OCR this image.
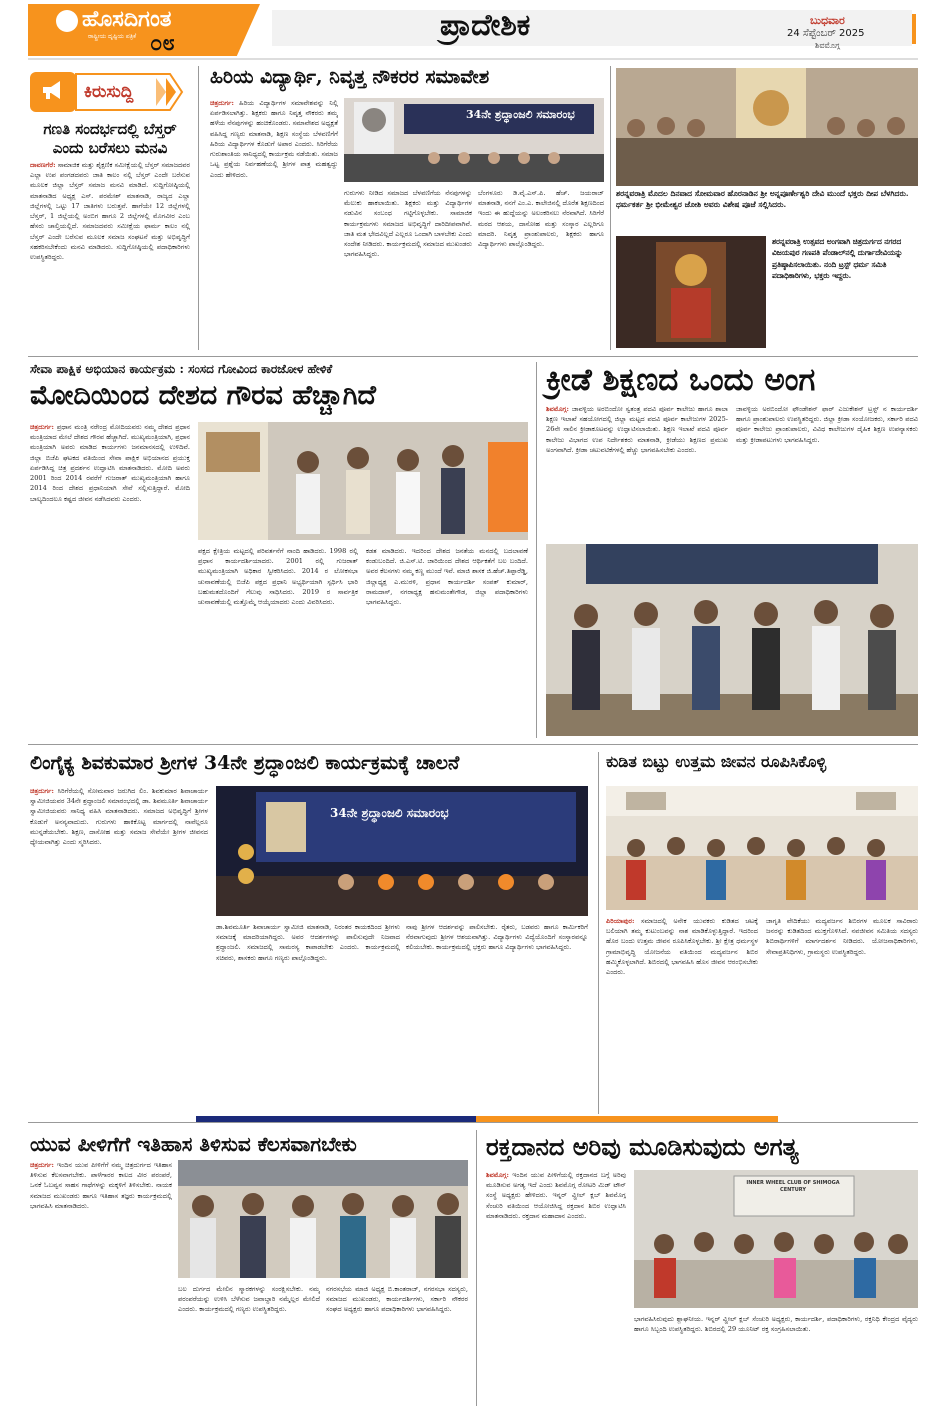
ಹೊಸದಿಗಂತ
ರಾಷ್ಟ್ರೀಯ ದೃಷ್ಟಿಯ ಪತ್ರಿಕೆ ೦೮	ಪ್ರಾದೇಶಿಕ	ಬುಧವಾರ
24 ಸೆಪ್ಟೆಂಬರ್ 2025
ಶಿವಮೊಗ್ಗ
ಕಿರುಸುದ್ದಿ
ಗಣತಿ ಸಂದರ್ಭದಲ್ಲಿ ಬೆಸ್ತರ್ ಎಂದು ಬರೆಸಲು ಮನವಿ
ದಾವಣಗೆರೆ: ಸಾಮಾಜಿಕ ಮತ್ತು ಶೈಕ್ಷಣಿಕ ಸಮೀಕ್ಷೆಯಲ್ಲಿ ಬೆಸ್ತರ್ ಸಮಾಜದವರ ಎಲ್ಲಾ ಉಪ ಪಂಗಡದವರು ಜಾತಿ ಕಾಲಂ ನಲ್ಲಿ ಬೆಸ್ತರ್ ಎಂದೇ ಬರೆಸುವ ಮೂಲಕ ಜಿಲ್ಲಾ ಬೆಸ್ತರ್ ಸಮಾಜ ಮನವಿ ಮಾಡಿದೆ. ಸುದ್ದಿಗೋಷ್ಠಿಯಲ್ಲಿ ಮಾತನಾಡಿದ ಅಧ್ಯಕ್ಷ ಎಸ್. ಪರಮೇಶ್ ಮಾತನಾಡಿ, ರಾಜ್ಯದ ಎಲ್ಲಾ ಜಿಲ್ಲೆಗಳಲ್ಲಿ ಒಟ್ಟು 17 ಜಾತಿಗಳು ಬರುತ್ತವೆ. ಹಾಗೆಯೇ 12 ಜಿಲ್ಲೆಗಳಲ್ಲಿ ಬೆಸ್ತರ್, 1 ಜಿಲ್ಲೆಯಲ್ಲಿ ಅಂಬಿಗ ಹಾಗೂ 2 ಜಿಲ್ಲೆಗಳಲ್ಲಿ ಮೊಗವೀರ ಎಂಬ ಹೆಸರು ಚಾಲ್ತಿಯಲ್ಲಿದೆ. ಸಮಾಜದವರು ಸಮೀಕ್ಷೆಯ ಫಾರ್ಮ ಕಾಲಂ ನಲ್ಲಿ ಬೆಸ್ತರ್ ಎಂದೇ ಬರೆಸುವ ಮೂಲಕ ಸಮಾಜ ಸಂಘಟನೆ ಮತ್ತು ಅಭಿವೃದ್ಧಿಗೆ ಸಹಕರಿಸಬೇಕೆಂದು ಮನವಿ ಮಾಡಿದರು. ಸುದ್ದಿಗೋಷ್ಠಿಯಲ್ಲಿ ಪದಾಧಿಕಾರಿಗಳು ಉಪಸ್ಥಿತರಿದ್ದರು.
ಹಿರಿಯ ವಿದ್ಯಾರ್ಥಿ, ನಿವೃತ್ತ ನೌಕರರ ಸಮಾವೇಶ
ಚಿತ್ರದುರ್ಗ: ಹಿರಿಯ ವಿದ್ಯಾರ್ಥಿಗಳ ಸಮಾವೇಶವನ್ನು ನಿಲ್ಲಿ ಏರ್ಪಡಿಸಲಾಗಿತ್ತು. ಶಿಕ್ಷಕರು ಹಾಗೂ ನಿವೃತ್ತ ನೌಕರರು ತಮ್ಮ ಹಳೆಯ ನೆನಪುಗಳನ್ನು ಹಂಚಿಕೊಂಡರು. ಸಮಾವೇಶದ ಅಧ್ಯಕ್ಷತೆ ವಹಿಸಿದ್ದ ಗಣ್ಯರು ಮಾತನಾಡಿ, ಶಿಕ್ಷಣ ಸಂಸ್ಥೆಯ ಬೆಳವಣಿಗೆಗೆ ಹಿರಿಯ ವಿದ್ಯಾರ್ಥಿಗಳ ಕೊಡುಗೆ ಅಪಾರ ಎಂದರು. ಸಿರಿಗೆರೆಯ ಗುರುಶಾಂತಿಯ ಸಾನಿಧ್ಯದಲ್ಲಿ ಕಾರ್ಯಕ್ರಮ ನಡೆಯಿತು. ಸಮಾಜ ಒಟ್ಟ ಪ್ರಶ್ನೆಯ ನಿರ್ವಹಣೆಯಲ್ಲಿ ಶ್ರೀಗಳ ಪಾತ್ರ ಮಹತ್ವದ್ದು ಎಂದು ಹೇಳಿದರು.
34ನೇ ಶ್ರದ್ಧಾಂಜಲಿ ಸಮಾರಂಭ
ಗುರುಗಳು ನೀಡಿದ ಸಮಾಜದ ಬೆಳವಣಿಗೆಯ ನೆನಪುಗಳನ್ನು ಮೆಲುಕು ಹಾಕಲಾಯಿತು. ಶಿಕ್ಷಕರು ಮತ್ತು ವಿದ್ಯಾರ್ಥಿಗಳ ನಡುವಿನ ಸಂಬಂಧ ಗಟ್ಟಿಗೊಳ್ಳಬೇಕು. ಸಾಮಾಜಿಕ ಕಾರ್ಯಕ್ರಮಗಳು ಸಮಾಜದ ಅಭಿವೃದ್ಧಿಗೆ ದಾರಿದೀಪವಾಗಿವೆ. ಜಾತಿ ಮತ ಭೇದವಿಲ್ಲದೆ ಎಲ್ಲರೂ ಒಂದಾಗಿ ಬಾಳಬೇಕು ಎಂದು ಸಂದೇಶ ನೀಡಿದರು. ಕಾರ್ಯಕ್ರಮದಲ್ಲಿ ಸಮಾಜದ ಮುಖಂಡರು ಭಾಗವಹಿಸಿದ್ದರು.
ಬೆಂಗಳೂರು ಡಿ.ವೈ.ಎಸ್.ಪಿ. ಹೆಚ್. ಜಯರಾಜ್ ಮಾತನಾಡಿ, ನನಗೆ ಎಂ.ಎ. ಕಾಲೇಜಿನಲ್ಲಿ ದೊರೆತ ಶಿಕ್ಷಣದಿಂದ ಇಂದು ಈ ಹುದ್ದೆಯನ್ನು ಅಲಂಕರಿಸಲು ನೆರವಾಗಿದೆ. ಸಿರಿಗೆರೆ ಮಠದ ಆಶಯ, ದಾಸೋಹ ಮತ್ತು ಸಂಸ್ಕಾರ ಎಲ್ಲರಿಗೂ ಮಾದರಿ. ನಿವೃತ್ತ ಪ್ರಾಂಶುಪಾಲರು, ಶಿಕ್ಷಕರು ಹಾಗೂ ವಿದ್ಯಾರ್ಥಿಗಳು ಪಾಲ್ಗೊಂಡಿದ್ದರು.
ಶರನ್ನವರಾತ್ರಿ ಮೊದಲ ದಿನವಾದ ಸೋಮವಾರ ಹೊರನಾಡಿನ ಶ್ರೀ ಅನ್ನಪೂರ್ಣೇಶ್ವರಿ ದೇವಿ ಮುಂದೆ ಭಕ್ತರು ದೀಪ ಬೆಳಗಿದರು. ಧರ್ಮಕರ್ತ ಶ್ರೀ ಭೀಮೇಶ್ವರ ಜೋಶಿ ಅವರು ವಿಶೇಷ ಪೂಜೆ ಸಲ್ಲಿಸಿದರು.
ಶರನ್ನವರಾತ್ರಿ ಉತ್ಸವದ ಅಂಗವಾಗಿ ಚಿತ್ರದುರ್ಗದ ನಗರದ ವಿಜಯಪುರ ಗಣಪತಿ ಪೆಂಡಾಲ್‌ನಲ್ಲಿ ದುರ್ಗಾದೇವಿಯನ್ನು ಪ್ರತಿಷ್ಠಾಪಿಸಲಾಯಿತು. ನಂದಿ ಟ್ರಸ್ಟ್ ಧರ್ಮ ಸಮಿತಿ ಪದಾಧಿಕಾರಿಗಳು, ಭಕ್ತರು ಇದ್ದರು.
ಸೇವಾ ಪಾಕ್ಷಿಕ ಅಭಿಯಾನ ಕಾರ್ಯಕ್ರಮ : ಸಂಸದ ಗೋವಿಂದ ಕಾರಜೋಳ ಹೇಳಿಕೆ
ಮೋದಿಯಿಂದ ದೇಶದ ಗೌರವ ಹೆಚ್ಚಾಗಿದೆ
ಚಿತ್ರದುರ್ಗ: ಪ್ರಧಾನ ಮಂತ್ರಿ ನರೇಂದ್ರ ಮೋದಿಯವರು ನಮ್ಮ ದೇಶದ ಪ್ರಧಾನ ಮಂತ್ರಿಯಾದ ಮೇಲೆ ದೇಶದ ಗೌರವ ಹೆಚ್ಚಾಗಿದೆ. ಮುಖ್ಯಮಂತ್ರಿಯಾಗಿ, ಪ್ರಧಾನ ಮಂತ್ರಿಯಾಗಿ ಅವರು ಮಾಡಿದ ಕಾರ್ಯಗಳು ಜನಮಾನಸದಲ್ಲಿ ಉಳಿದಿವೆ. ಜಿಲ್ಲಾ ಬಿಜೆಪಿ ಘಟಕದ ವತಿಯಿಂದ ಸೇವಾ ಪಾಕ್ಷಿಕ ಅಭಿಯಾನದ ಪ್ರಯುಕ್ತ ಏರ್ಪಡಿಸಿದ್ದ ಚಿತ್ರ ಪ್ರದರ್ಶನ ಉದ್ಘಾಟಿಸಿ ಮಾತನಾಡಿದರು. ಮೋದಿ ಅವರು 2001 ರಿಂದ 2014 ರವರೆಗೆ ಗುಜರಾತ್ ಮುಖ್ಯಮಂತ್ರಿಯಾಗಿ ಹಾಗೂ 2014 ರಿಂದ ದೇಶದ ಪ್ರಧಾನಿಯಾಗಿ ಸೇವೆ ಸಲ್ಲಿಸುತ್ತಿದ್ದಾರೆ. ಮೋದಿ ಬಾಲ್ಯದಿಂದಲೂ ಕಷ್ಟದ ಜೀವನ ನಡೆಸಿದವರು ಎಂದರು.
ಪಕ್ಷದ ಕ್ಷೇತ್ರಿಯ ಮಟ್ಟದಲ್ಲಿ ಪರಿವರ್ತನೆಗೆ ನಾಂದಿ ಹಾಡಿದರು. 1998 ರಲ್ಲಿ ಪ್ರಧಾನ ಕಾರ್ಯದರ್ಶಿಯಾದರು. 2001 ರಲ್ಲಿ ಗುಜರಾತ್ ಮುಖ್ಯಮಂತ್ರಿಯಾಗಿ ಅಧಿಕಾರ ಸ್ವೀಕರಿಸಿದರು. 2014 ರ ಲೋಕಸಭಾ ಚುನಾವಣೆಯಲ್ಲಿ ಬಿಜೆಪಿ ಪಕ್ಷದ ಪ್ರಧಾನಿ ಅಭ್ಯರ್ಥಿಯಾಗಿ ಸ್ಪರ್ಧಿಸಿ ಭಾರಿ ಬಹುಮತದೊಂದಿಗೆ ಗೆಲುವು ಸಾಧಿಸಿದರು. 2019 ರ ಸಾರ್ವತ್ರಿಕ ಚುನಾವಣೆಯಲ್ಲಿ ಮತ್ತೊಮ್ಮೆ ಆಯ್ಕೆಯಾದರು ಎಂದು ವಿವರಿಸಿದರು.
ಕಡತ ಮಾಡಿದರು. ಇದರಿಂದ ದೇಶದ ಜನತೆಯ ಮನದಲ್ಲಿ ಬದಲಾವಣೆ ಕಂಡುಬಂದಿದೆ. ಜಿ.ಎಸ್.ಟಿ. ಜಾರಿಯಿಂದ ದೇಶದ ಆರ್ಥಿಕತೆಗೆ ಬಲ ಬಂದಿದೆ. ಅವರ ಕೆಲಸಗಳು ನಮ್ಮ ಕಣ್ಣ ಮುಂದೆ ಇವೆ. ಮಾಜಿ ಶಾಸಕ ಜಿ.ಹೆಚ್.ತಿಪ್ಪಾರೆಡ್ಡಿ, ಜಿಲ್ಲಾಧ್ಯಕ್ಷ ಎ.ಮುರಳಿ, ಪ್ರಧಾನ ಕಾರ್ಯದರ್ಶಿ ಸಂಪತ್ ಕುಮಾರ್, ರಾಮದಾಸ್, ನಗರಾಧ್ಯಕ್ಷ ಹನುಮಂತೇಗೌಡ, ಜಿಲ್ಲಾ ಪದಾಧಿಕಾರಿಗಳು ಭಾಗವಹಿಸಿದ್ದರು.
ಕ್ರೀಡೆ ಶಿಕ್ಷಣದ ಒಂದು ಅಂಗ
ಶಿವಮೊಗ್ಗ: ಜಾವಳ್ಳಿಯ ಅರಬಿಂದೋ ಸ್ವತಂತ್ರ ಪದವಿ ಪೂರ್ವ ಕಾಲೇಜು ಹಾಗೂ ಶಾಲಾ ಶಿಕ್ಷಣ ಇಲಾಖೆ ಸಹಯೋಗದಲ್ಲಿ ಜಿಲ್ಲಾ ಮಟ್ಟದ ಪದವಿ ಪೂರ್ವ ಕಾಲೇಜುಗಳ 2025-26ನೇ ಸಾಲಿನ ಕ್ರೀಡಾಕೂಟವನ್ನು ಉದ್ಘಾಟಿಸಲಾಯಿತು. ಶಿಕ್ಷಣ ಇಲಾಖೆ ಪದವಿ ಪೂರ್ವ ಕಾಲೇಜು ವಿಭಾಗದ ಉಪ ನಿರ್ದೇಶಕರು ಮಾತನಾಡಿ, ಕ್ರೀಡೆಯು ಶಿಕ್ಷಣದ ಪ್ರಮುಖ ಅಂಗವಾಗಿದೆ. ಕ್ರೀಡಾ ಚಟುವಟಿಕೆಗಳಲ್ಲಿ ಹೆಚ್ಚು ಭಾಗವಹಿಸಬೇಕು ಎಂದರು.
ಜಾವಳ್ಳಿಯ ಅರಬಿಂದೋ ಫೌಂಡೇಶನ್ ಫಾರ್ ಎಜುಕೇಶನ್ ಟ್ರಸ್ಟ್ ನ ಕಾರ್ಯದರ್ಶಿ ಹಾಗೂ ಪ್ರಾಂಶುಪಾಲರು ಉಪಸ್ಥಿತರಿದ್ದರು. ಜಿಲ್ಲಾ ಕ್ರೀಡಾ ಸಂಯೋಜಕರು, ಸರ್ಕಾರಿ ಪದವಿ ಪೂರ್ವ ಕಾಲೇಜು ಪ್ರಾಂಶುಪಾಲರು, ವಿವಿಧ ಕಾಲೇಜುಗಳ ದೈಹಿಕ ಶಿಕ್ಷಣ ಉಪನ್ಯಾಸಕರು ಮತ್ತು ಕ್ರೀಡಾಪಟುಗಳು ಭಾಗವಹಿಸಿದ್ದರು.
ಲಿಂಗೈಕ್ಯ ಶಿವಕುಮಾರ ಶ್ರೀಗಳ 34ನೇ ಶ್ರದ್ಧಾಂಜಲಿ ಕಾರ್ಯಕ್ರಮಕ್ಕೆ ಚಾಲನೆ
ಚಿತ್ರದುರ್ಗ: ಸಿರಿಗೆರೆಯಲ್ಲಿ ಸೋಮವಾರ ಜರುಗಿದ ಲಿಂ. ಶಿವಕುಮಾರ ಶಿವಾಚಾರ್ಯ ಸ್ವಾಮೀಜಿಯವರ 34ನೇ ಶ್ರದ್ಧಾಂಜಲಿ ಸಮಾರಂಭದಲ್ಲಿ ಡಾ. ಶಿವಮೂರ್ತಿ ಶಿವಾಚಾರ್ಯ ಸ್ವಾಮೀಜಿಯವರು ಸಾನಿಧ್ಯ ವಹಿಸಿ ಮಾತನಾಡಿದರು. ಸಮಾಜದ ಅಭಿವೃದ್ಧಿಗೆ ಶ್ರೀಗಳ ಕೊಡುಗೆ ಅನನ್ಯವಾದುದು. ಗುರುಗಳು ಹಾಕಿಕೊಟ್ಟ ಮಾರ್ಗದಲ್ಲಿ ನಾವೆಲ್ಲರೂ ಮುನ್ನಡೆಯಬೇಕು. ಶಿಕ್ಷಣ, ದಾಸೋಹ ಮತ್ತು ಸಮಾಜ ಸೇವೆಯೇ ಶ್ರೀಗಳ ಜೀವನದ ಧ್ಯೇಯವಾಗಿತ್ತು ಎಂದು ಸ್ಮರಿಸಿದರು.
34ನೇ ಶ್ರದ್ಧಾಂಜಲಿ ಸಮಾರಂಭ
ಡಾ.ಶಿವಮೂರ್ತಿ ಶಿವಾಚಾರ್ಯ ಸ್ವಾಮೀಜಿ ಮಾತನಾಡಿ, ನಿರಂತರ ಕಾಯಕದಿಂದ ಶ್ರೀಗಳು ಸಮಾಜಕ್ಕೆ ಮಾದರಿಯಾಗಿದ್ದರು. ಅವರ ಆದರ್ಶಗಳನ್ನು ಪಾಲಿಸುವುದೇ ನಿಜವಾದ ಶ್ರದ್ಧಾಂಜಲಿ. ಸಮಾಜದಲ್ಲಿ ಸಾಮರಸ್ಯ ಕಾಪಾಡಬೇಕು ಎಂದರು. ಕಾರ್ಯಕ್ರಮದಲ್ಲಿ ಸಚಿವರು, ಶಾಸಕರು ಹಾಗೂ ಗಣ್ಯರು ಪಾಲ್ಗೊಂಡಿದ್ದರು.
ನಾವು ಶ್ರೀಗಳ ಆದರ್ಶವನ್ನು ಪಾಲಿಸಬೇಕು. ರೈತರು, ಬಡವರು ಹಾಗೂ ಕಾರ್ಮಿಕರಿಗೆ ನೆರವಾಗುವುದು ಶ್ರೀಗಳ ಆಶಯವಾಗಿತ್ತು. ವಿದ್ಯಾರ್ಥಿಗಳು ವಿದ್ಯೆಯೊಂದಿಗೆ ಸಂಸ್ಕಾರವನ್ನೂ ಕಲಿಯಬೇಕು. ಕಾರ್ಯಕ್ರಮದಲ್ಲಿ ಭಕ್ತರು ಹಾಗೂ ವಿದ್ಯಾರ್ಥಿಗಳು ಭಾಗವಹಿಸಿದ್ದರು.
ಕುಡಿತ ಬಿಟ್ಟು ಉತ್ತಮ ಜೀವನ ರೂಪಿಸಿಕೊಳ್ಳಿ
ಪಿರಿಯಾಪುರ: ಸಮಾಜದಲ್ಲಿ ಅನೇಕ ಯುವಕರು ಕುಡಿತದ ಚಟಕ್ಕೆ ಬಲಿಯಾಗಿ ತಮ್ಮ ಕುಟುಂಬವನ್ನು ನಾಶ ಮಾಡಿಕೊಳ್ಳುತ್ತಿದ್ದಾರೆ. ಇದರಿಂದ ಹೊರ ಬಂದು ಉತ್ತಮ ಜೀವನ ರೂಪಿಸಿಕೊಳ್ಳಬೇಕು. ಶ್ರೀ ಕ್ಷೇತ್ರ ಧರ್ಮಸ್ಥಳ ಗ್ರಾಮಾಭಿವೃದ್ಧಿ ಯೋಜನೆಯ ವತಿಯಿಂದ ಮದ್ಯವರ್ಜನ ಶಿಬಿರ ಹಮ್ಮಿಕೊಳ್ಳಲಾಗಿದೆ. ಶಿಬಿರದಲ್ಲಿ ಭಾಗವಹಿಸಿ ಹೊಸ ಜೀವನ ಆರಂಭಿಸಬೇಕು ಎಂದರು.
ಜಾಗೃತಿ ವೇದಿಕೆಯು ಮದ್ಯವರ್ಜನ ಶಿಬಿರಗಳ ಮೂಲಕ ಸಾವಿರಾರು ಜನರನ್ನು ಕುಡಿತದಿಂದ ಮುಕ್ತಗೊಳಿಸಿದೆ. ನವಜೀವನ ಸಮಿತಿಯ ಸದಸ್ಯರು ಶಿಬಿರಾರ್ಥಿಗಳಿಗೆ ಮಾರ್ಗದರ್ಶನ ನೀಡಿದರು. ಯೋಜನಾಧಿಕಾರಿಗಳು, ಸೇವಾಪ್ರತಿನಿಧಿಗಳು, ಗ್ರಾಮಸ್ಥರು ಉಪಸ್ಥಿತರಿದ್ದರು.
ಯುವ ಪೀಳಿಗೆಗೆ ಇತಿಹಾಸ ತಿಳಿಸುವ ಕೆಲಸವಾಗಬೇಕು
ಚಿತ್ರದುರ್ಗ: ಇಂದಿನ ಯುವ ಪೀಳಿಗೆಗೆ ನಮ್ಮ ಚಿತ್ರದುರ್ಗದ ಇತಿಹಾಸ ತಿಳಿಸುವ ಕೆಲಸವಾಗಬೇಕು. ಪಾಳೆಗಾರರ ಕಾಲದ ವೀರ ಪರಂಪರೆ, ಒನಕೆ ಓಬವ್ವನ ಸಾಹಸ ಗಾಥೆಗಳನ್ನು ಮಕ್ಕಳಿಗೆ ತಿಳಿಸಬೇಕು. ನಾಯಕ ಸಮಾಜದ ಮುಖಂಡರು ಹಾಗೂ ಇತಿಹಾಸ ತಜ್ಞರು ಕಾರ್ಯಕ್ರಮದಲ್ಲಿ ಭಾಗವಹಿಸಿ ಮಾತನಾಡಿದರು.
ಬಲ ದುರ್ಗದ ಮೇಲಿನ ಸ್ಮಾರಕಗಳನ್ನು ಸಂರಕ್ಷಿಸಬೇಕು. ನಮ್ಮ ಪರಂಪರೆಯನ್ನು ಉಳಿಸಿ ಬೆಳೆಸುವ ಜವಾಬ್ದಾರಿ ನಮ್ಮೆಲ್ಲರ ಮೇಲಿದೆ ಎಂದರು. ಕಾರ್ಯಕ್ರಮದಲ್ಲಿ ಗಣ್ಯರು ಉಪಸ್ಥಿತರಿದ್ದರು.
ನಗರಸಭೆಯ ಮಾಜಿ ಅಧ್ಯಕ್ಷ ಬಿ.ಕಾಂತರಾಜ್, ನಗರಸಭಾ ಸದಸ್ಯರು, ಸಮಾಜದ ಮುಖಂಡರು, ಕಾರ್ಯದರ್ಶಿಗಳು, ಸರ್ಕಾರಿ ನೌಕರರ ಸಂಘದ ಅಧ್ಯಕ್ಷರು ಹಾಗೂ ಪದಾಧಿಕಾರಿಗಳು ಭಾಗವಹಿಸಿದ್ದರು.
ರಕ್ತದಾನದ ಅರಿವು ಮೂಡಿಸುವುದು ಅಗತ್ಯ
ಶಿವಮೊಗ್ಗ: ಇಂದಿನ ಯುವ ಪೀಳಿಗೆಯಲ್ಲಿ ರಕ್ತದಾನದ ಬಗ್ಗೆ ಅರಿವು ಮೂಡಿಸುವ ಅಗತ್ಯ ಇದೆ ಎಂದು ಶಿವಮೊಗ್ಗ ರೋಟರಿ ಮಿಡ್ ಟೌನ್ ಸಂಸ್ಥೆ ಅಧ್ಯಕ್ಷರು ಹೇಳಿದರು. ಇನ್ನರ್ ವ್ಹೀಲ್ ಕ್ಲಬ್ ಶಿವಮೊಗ್ಗ ಸೆಂಚುರಿ ವತಿಯಿಂದ ಆಯೋಜಿಸಿದ್ದ ರಕ್ತದಾನ ಶಿಬಿರ ಉದ್ಘಾಟಿಸಿ ಮಾತನಾಡಿದರು. ರಕ್ತದಾನ ಮಹಾದಾನ ಎಂದರು.
INNER WHEEL CLUB OF SHIMOGA CENTURY
ಭಾಗವಹಿಸಿರುವುದು ಶ್ಲಾಘನೀಯ. ಇನ್ನರ್ ವ್ಹೀಲ್ ಕ್ಲಬ್ ಸೆಂಚುರಿ ಅಧ್ಯಕ್ಷರು, ಕಾರ್ಯದರ್ಶಿ, ಪದಾಧಿಕಾರಿಗಳು, ರಕ್ತನಿಧಿ ಕೇಂದ್ರದ ವೈದ್ಯರು ಹಾಗೂ ಸಿಬ್ಬಂದಿ ಉಪಸ್ಥಿತರಿದ್ದರು. ಶಿಬಿರದಲ್ಲಿ 29 ಯೂನಿಟ್ ರಕ್ತ ಸಂಗ್ರಹಿಸಲಾಯಿತು.
